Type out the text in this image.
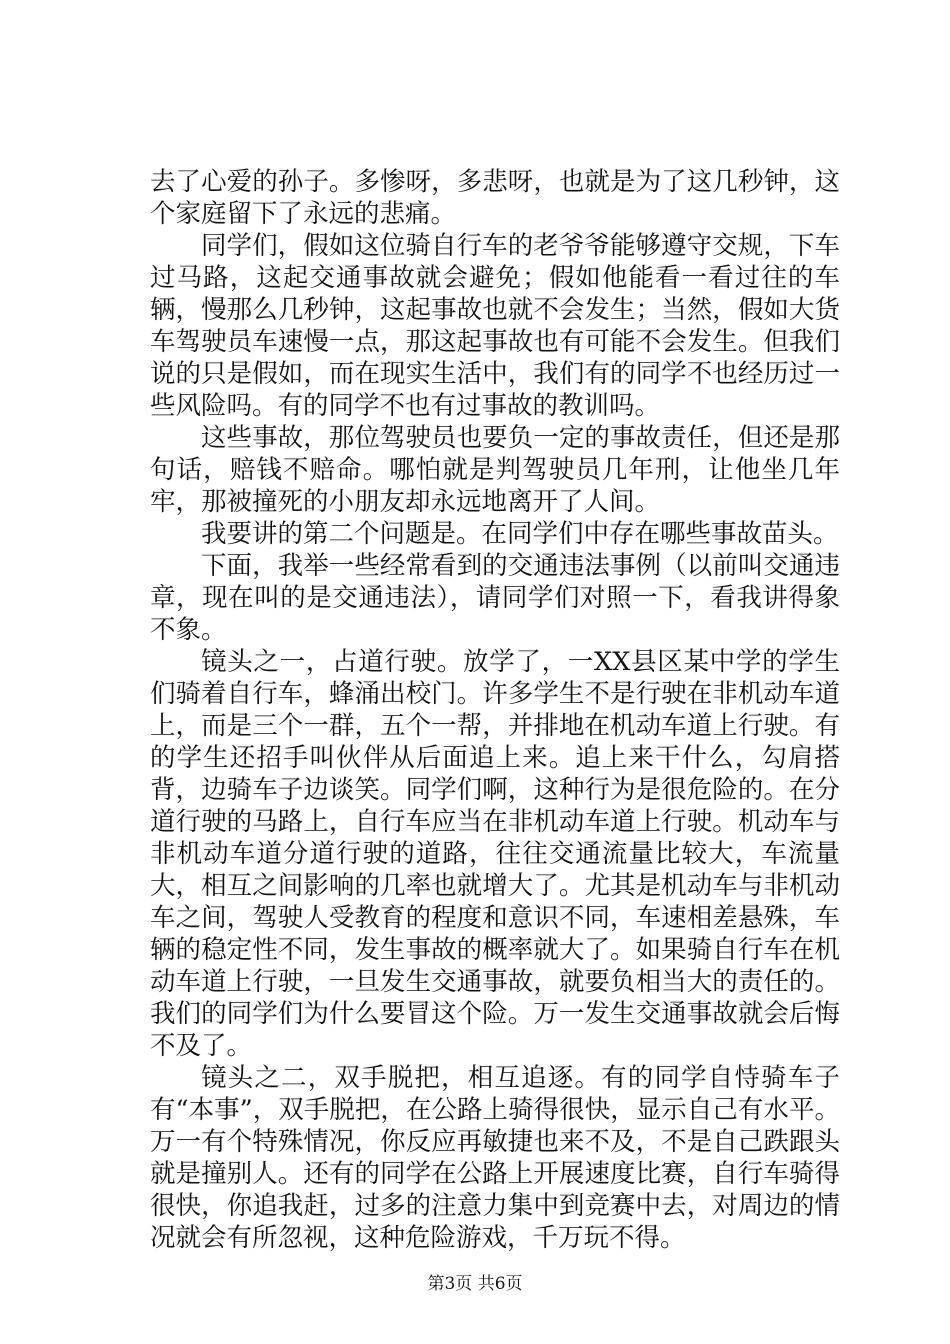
去了心爱的孙子。多惨呀，多悲呀，也就是为了这几秒钟，这个家庭留下了永远的悲痛。

同学们，假如这位骑自行车的老爷爷能够遵守交规，下车过马路，这起交通事故就会避免；假如他能看一看过往的车辆，慢那么几秒钟，这起事故也就不会发生；当然，假如大货车驾驶员车速慢一点，那这起事故也有可能不会发生。但我们说的只是假如，而在现实生活中，我们有的同学不也经历过一些风险吗。有的同学不也有过事故的教训吗。

这些事故，那位驾驶员也要负一定的事故责任，但还是那句话，赔钱不赔命。哪怕就是判驾驶员几年刑，让他坐几年牢，那被撞死的小朋友却永远地离开了人间。

我要讲的第二个问题是。在同学们中存在哪些事故苗头。

下面，我举一些经常看到的交通违法事例（以前叫交通违章，现在叫的是交通违法），请同学们对照一下，看我讲得象不象。

镜头之一，占道行驶。放学了，一XX县区某中学的学生们骑着自行车，蜂涌出校门。许多学生不是行驶在非机动车道上，而是三个一群，五个一帮，并排地在机动车道上行驶。有的学生还招手叫伙伴从后面追上来。追上来干什么，勾肩搭背，边骑车子边谈笑。同学们啊，这种行为是很危险的。在分道行驶的马路上，自行车应当在非机动车道上行驶。机动车与非机动车道分道行驶的道路，往往交通流量比较大，车流量大，相互之间影响的几率也就增大了。尤其是机动车与非机动车之间，驾驶人受教育的程度和意识不同，车速相差悬殊，车辆的稳定性不同，发生事故的概率就大了。如果骑自行车在机动车道上行驶，一旦发生交通事故，就要负相当大的责任的。我们的同学们为什么要冒这个险。万一发生交通事故就会后悔不及了。

镜头之二，双手脱把，相互追逐。有的同学自恃骑车子有“本事”，双手脱把，在公路上骑得很快，显示自己有水平。万一有个特殊情况，你反应再敏捷也来不及，不是自己跌跟头就是撞别人。还有的同学在公路上开展速度比赛，自行车骑得很快，你追我赶，过多的注意力集中到竞赛中去，对周边的情况就会有所忽视，这种危险游戏，千万玩不得。

第3页 共6页
